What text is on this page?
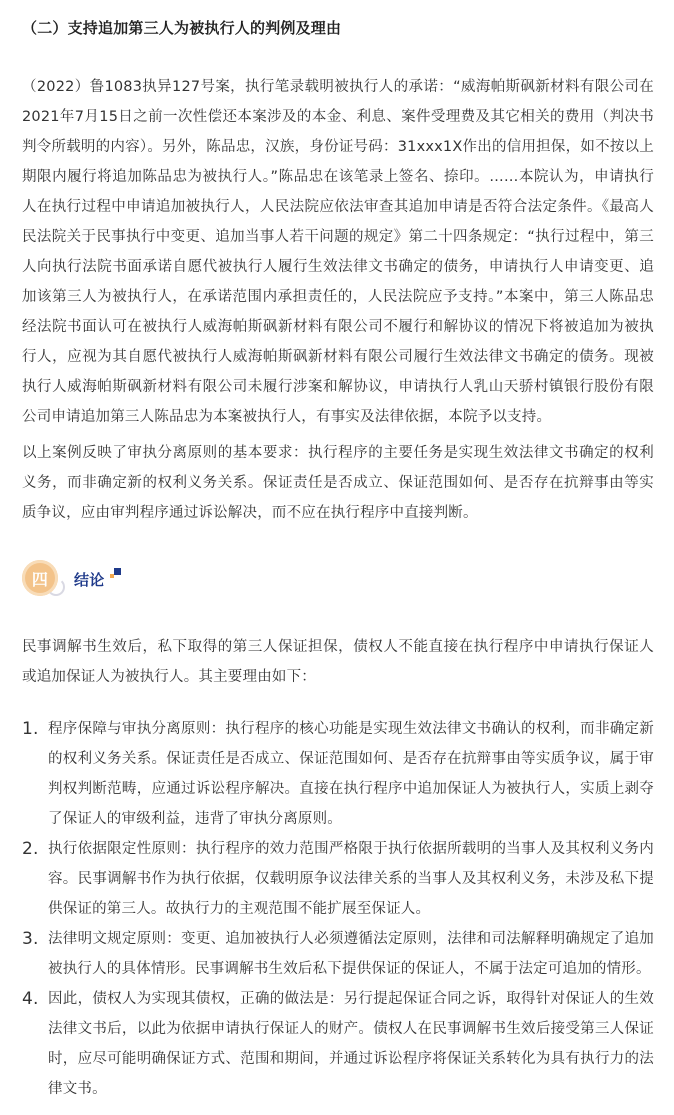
（二）支持追加第三人为被执行人的判例及理由
（2022）鲁1083执异127号案，执行笔录载明被执行人的承诺：“威海帕斯砜新材料有限公司在2021年7月15日之前一次性偿还本案涉及的本金、利息、案件受理费及其它相关的费用（判决书判令所载明的内容）。另外，陈品忠，汉族，身份证号码：31xxx1X作出的信用担保，如不按以上期限内履行将追加陈品忠为被执行人。”陈品忠在该笔录上签名、捺印。……本院认为，申请执行人在执行过程中申请追加被执行人，人民法院应依法审查其追加申请是否符合法定条件。《最高人民法院关于民事执行中变更、追加当事人若干问题的规定》第二十四条规定：“执行过程中，第三人向执行法院书面承诺自愿代被执行人履行生效法律文书确定的债务，申请执行人申请变更、追加该第三人为被执行人，在承诺范围内承担责任的，人民法院应予支持。”本案中，第三人陈品忠经法院书面认可在被执行人威海帕斯砜新材料有限公司不履行和解协议的情况下将被追加为被执行人，应视为其自愿代被执行人威海帕斯砜新材料有限公司履行生效法律文书确定的债务。现被执行人威海帕斯砜新材料有限公司未履行涉案和解协议，申请执行人乳山天骄村镇银行股份有限公司申请追加第三人陈品忠为本案被执行人，有事实及法律依据，本院予以支持。
以上案例反映了审执分离原则的基本要求：执行程序的主要任务是实现生效法律文书确定的权利义务，而非确定新的权利义务关系。保证责任是否成立、保证范围如何、是否存在抗辩事由等实质争议，应由审判程序通过诉讼解决，而不应在执行程序中直接判断。
四 结论
民事调解书生效后，私下取得的第三人保证担保，债权人不能直接在执行程序中申请执行保证人或追加保证人为被执行人。其主要理由如下：
1. 程序保障与审执分离原则：执行程序的核心功能是实现生效法律文书确认的权利，而非确定新的权利义务关系。保证责任是否成立、保证范围如何、是否存在抗辩事由等实质争议，属于审判权判断范畴，应通过诉讼程序解决。直接在执行程序中追加保证人为被执行人，实质上剥夺了保证人的审级利益，违背了审执分离原则。
2. 执行依据限定性原则：执行程序的效力范围严格限于执行依据所载明的当事人及其权利义务内容。民事调解书作为执行依据，仅载明原争议法律关系的当事人及其权利义务，未涉及私下提供保证的第三人。故执行力的主观范围不能扩展至保证人。
3. 法律明文规定原则：变更、追加被执行人必须遵循法定原则，法律和司法解释明确规定了追加被执行人的具体情形。民事调解书生效后私下提供保证的保证人，不属于法定可追加的情形。
4. 因此，债权人为实现其债权，正确的做法是：另行提起保证合同之诉，取得针对保证人的生效法律文书后，以此为依据申请执行保证人的财产。债权人在民事调解书生效后接受第三人保证时，应尽可能明确保证方式、范围和期间，并通过诉讼程序将保证关系转化为具有执行力的法律文书。
